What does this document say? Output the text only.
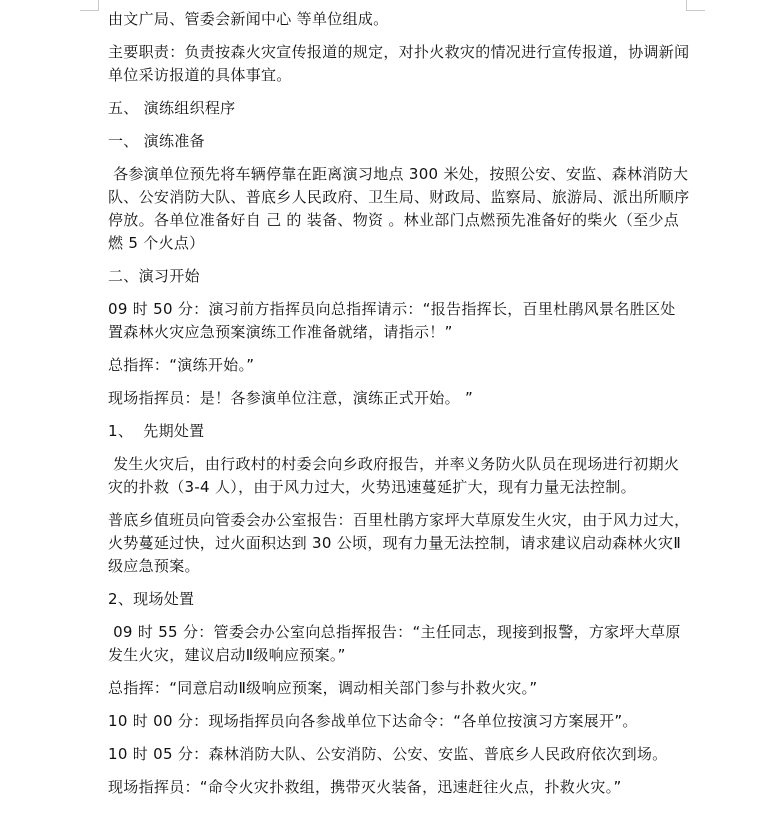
由文广局、管委会新闻中心 等单位组成。

主要职责：负责按森火灾宣传报道的规定，对扑火救灾的情况进行宣传报道，协调新闻单位采访报道的具体事宜。

五、 演练组织程序

一、 演练准备

各参演单位预先将车辆停靠在距离演习地点 300 米处，按照公安、安监、森林消防大队、公安消防大队、普底乡人民政府、卫生局、财政局、监察局、旅游局、派出所顺序停放。各单位准备好自 己 的 装备、物资 。林业部门点燃预先准备好的柴火（至少点燃 5 个火点）

二、演习开始

09 时 50 分：演习前方指挥员向总指挥请示：“报告指挥长，百里杜鹃风景名胜区处置森林火灾应急预案演练工作准备就绪，请指示！”

总指挥：“演练开始。”

现场指挥员：是！各参演单位注意，演练正式开始。 ”

1、  先期处置

发生火灾后，由行政村的村委会向乡政府报告，并率义务防火队员在现场进行初期火灾的扑救（3-4 人），由于风力过大，火势迅速蔓延扩大，现有力量无法控制。

普底乡值班员向管委会办公室报告：百里杜鹃方家坪大草原发生火灾，由于风力过大，火势蔓延过快，过火面积达到 30 公顷，现有力量无法控制，请求建议启动森林火灾Ⅱ级应急预案。

2、现场处置

09 时 55 分：管委会办公室向总指挥报告：“主任同志，现接到报警，方家坪大草原发生火灾，建议启动Ⅱ级响应预案。”

总指挥：“同意启动Ⅱ级响应预案，调动相关部门参与扑救火灾。”

10 时 00 分：现场指挥员向各参战单位下达命令：“各单位按演习方案展开”。

10 时 05 分：森林消防大队、公安消防、公安、安监、普底乡人民政府依次到场。

现场指挥员：“命令火灾扑救组，携带灭火装备，迅速赶往火点，扑救火灾。”
